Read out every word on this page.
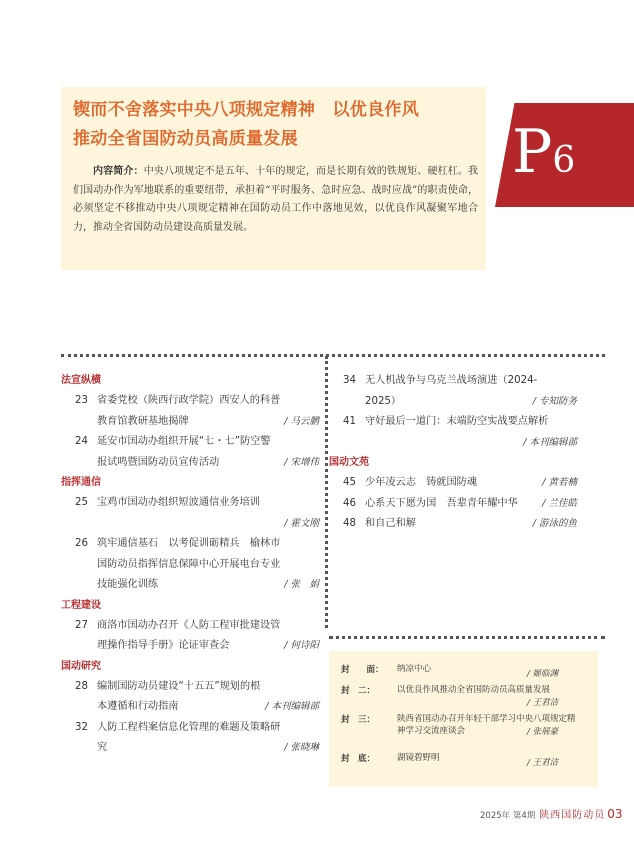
锲而不舍落实中央八项规定精神　以优良作风
推动全省国防动员高质量发展
内容简介：中央八项规定不是五年、十年的规定，而是长期有效的铁规矩、硬杠杠。我们国动办作为军地联系的重要纽带，承担着“平时服务、急时应急、战时应战”的职责使命，必须坚定不移推动中央八项规定精神在国防动员工作中落地见效，以优良作风凝聚军地合力，推动全省国防动员建设高质量发展。
P6
法宣纵横
23 省委党校（陕西行政学院）西安人的科普
教育馆教研基地揭牌	/ 马云鹏
24 延安市国动办组织开展“七・七”防空警
报试鸣暨国防动员宣传活动	/ 宋增伟
指挥通信
25 宝鸡市国动办组织短波通信业务培训
/ 霍文刚
26 筑牢通信基石　以考促训砺精兵　榆林市
国防动员指挥信息保障中心开展电台专业
技能强化训练	/ 张　娟
工程建设
27 商洛市国动办召开《人防工程审批建设管
理操作指导手册》论证审查会	/ 何诗阳
国动研究
28 编制国防动员建设“十五五”规划的根
本遵循和行动指南	/ 本刊编辑部
32 人防工程档案信息化管理的难题及策略研
究	/ 张晓琳
34 无人机战争与乌克兰战场演进（2024-
2025）	/ 专知防务
41 守好最后一道门：末端防空实战要点解析
/ 本刊编辑部
国动文苑
45 少年凌云志　铸就国防魂	/ 黄若楠
46 心系天下愿为国　吾辈青年耀中华	/ 兰佳皓
48 和自己和解	/ 游泳的鱼
封　　面：	纳凉中心	/ 姬临渊
封　二：	以优良作风推动全省国防动员高质量发展
/ 王君洁
封　三：	陕西省国动办召开年轻干部学习中央八项规定精神学习交流座谈会	/ 张展豪
封　底：	湖镜碧野明	/ 王君洁
2025年 第4期 陕西国防动员 03
